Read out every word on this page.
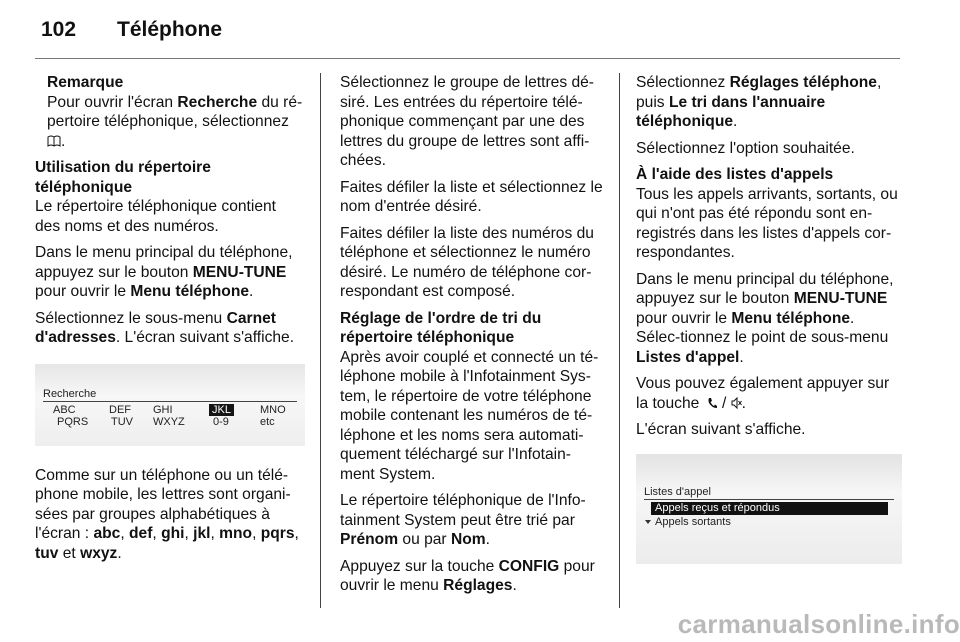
102 Téléphone
Remarque
Pour ouvrir l'écran Recherche du ré-pertoire téléphonique, sélectionnez .
Utilisation du répertoire téléphonique

Le répertoire téléphonique contient des noms et des numéros.

Dans le menu principal du téléphone, appuyez sur le bouton MENU-TUNE pour ouvrir le Menu téléphone.

Sélectionnez le sous-menu Carnet d'adresses. L'écran suivant s'affiche.

Recherche
ABC	DEF GHI	JKL	MNO
PQRS TUV WXYZ	0-9	etc

Comme sur un téléphone ou un télé-phone mobile, les lettres sont organi-sées par groupes alphabétiques à l'écran : abc, def, ghi, jkl, mno, pqrs, tuv et wxyz.

Sélectionnez le groupe de lettres dé-siré. Les entrées du répertoire télé-phonique commençant par une des lettres du groupe de lettres sont affi-chées.

Faites défiler la liste et sélectionnez le nom d'entrée désiré.

Faites défiler la liste des numéros du téléphone et sélectionnez le numéro désiré. Le numéro de téléphone cor-respondant est composé.

Réglage de l'ordre de tri du répertoire téléphonique

Après avoir couplé et connecté un té-léphone mobile à l'Infotainment Sys-tem, le répertoire de votre téléphone mobile contenant les numéros de té-léphone et les noms sera automati-quement téléchargé sur l'Infotain-ment System.

Le répertoire téléphonique de l'Info-tainment System peut être trié par Prénom ou par Nom.

Appuyez sur la touche CONFIG pour ouvrir le menu Réglages.

Sélectionnez Réglages téléphone, puis Le tri dans l'annuaire téléphonique.

Sélectionnez l'option souhaitée.

À l'aide des listes d'appels

Tous les appels arrivants, sortants, ou qui n'ont pas été répondu sont en-registrés dans les listes d'appels cor-respondantes.

Dans le menu principal du téléphone, appuyez sur le bouton MENU-TUNE pour ouvrir le Menu téléphone. Sélec-tionnez le point de sous-menu Listes d'appel.

Vous pouvez également appuyer sur la touche  / .

L'écran suivant s'affiche.

Listes d'appel
Appels reçus et répondus
Appels sortants
carmanualsonline.info
